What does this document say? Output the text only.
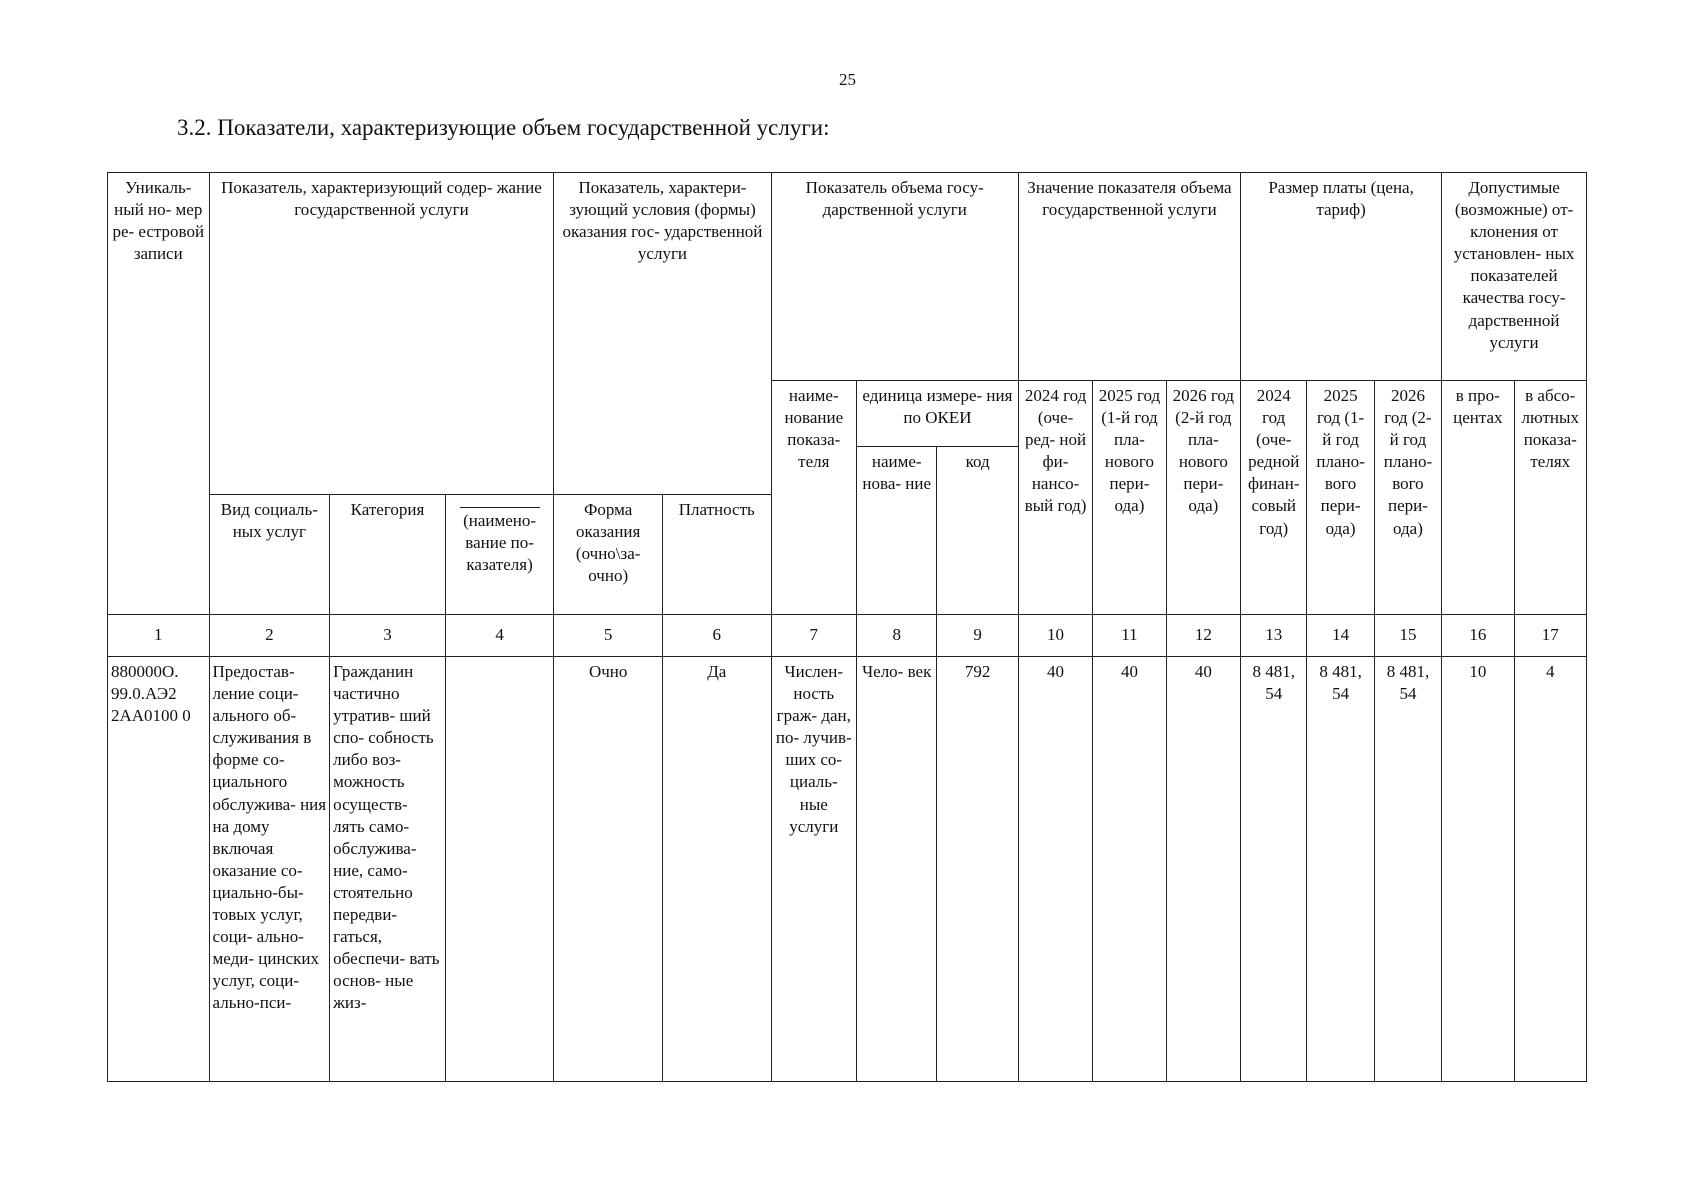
25
3.2. Показатели, характеризующие объем государственной услуги:
Уникаль- ный но- мер ре- естровой записи	Показатель, характеризующий содер- жание государственной услуги			Показатель, характери- зующий условия (формы) оказания гос- ударственной услуги		Показатель объема госу- дарственной услуги			Значение показателя объема государственной услуги			Размер платы (цена, тариф)			Допустимые (возможные) от- клонения от установлен- ных показателей качества госу- дарственной услуги	
						наиме- нование показа- теля	единица измере- ния по ОКЕИ		2024 год (оче- ред- ной фи- нансо- вый год)	2025 год (1-й год пла- нового пери- ода)	2026 год (2-й год пла- нового пери- ода)	2024 год (оче- редной финан- совый год)	2025 год (1- й год плано- вого пери- ода)	2026 год (2- й год плано- вого пери- ода)	в про- центах	в абсо- лютных показа- телях
							наиме- нова- ние	код								
	Вид социаль- ных услуг	Категория	(наимено- вание по- казателя)	Форма оказания (очно\за- очно)	Платность											
1	2	3	4	5	6	7	8	9	10	11	12	13	14	15	16	17
880000О. 99.0.АЭ2 2АА0100 0	Предостав- ление соци- ального об- служивания в форме со- циального обслужива- ния на дому включая оказание со- циально-бы- товых услуг, соци- ально-меди- цинских услуг, соци- ально-пси-	Гражданин частично утратив- ший спо- собность либо воз- можность осуществ- лять само- обслужива- ние, само- стоятельно передви- гаться, обеспечи- вать основ- ные жиз-		Очно	Да	Числен- ность граж- дан, по- лучив- ших со- циаль- ные услуги	Чело- век	792	40	40	40	8 481, 54	8 481, 54	8 481, 54	10	4
